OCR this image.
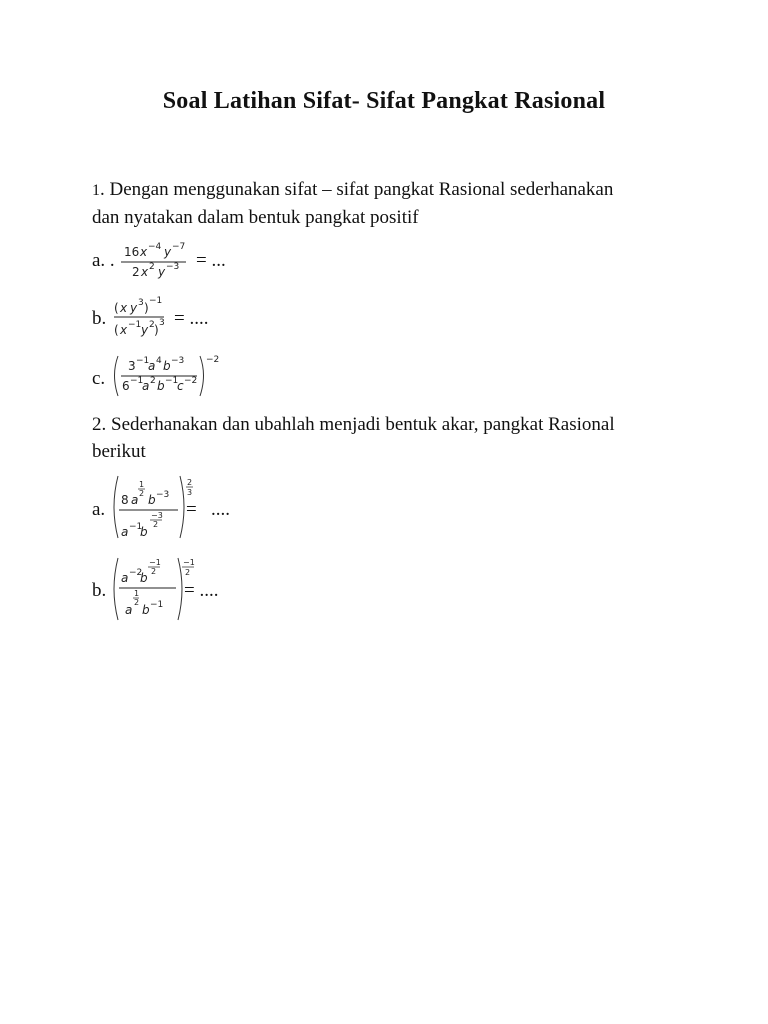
Soal Latihan Sifat- Sifat Pangkat Rasional
1. Dengan menggunakan sifat – sifat pangkat Rasional sederhanakan
dan nyatakan dalam bentuk pangkat positif
a. . 16 x −4 y −7
2 x 2 y −3 = ...
b. ( x y 3 ) −1
( x −1 y 2 ) 3 = ....
c.
3 −1
a 4 b −3
6 −1
a 2 b −1
c −2
−2
2. Sederhanakan dan ubahlah menjadi bentuk akar, pangkat Rasional
berikut
a. 8 a
1
2 b −3
a −1
b
−3
2
2
3
=   ....
b.
a −2
b
−1
2
1
2
a b −1
−1
2
= ....
